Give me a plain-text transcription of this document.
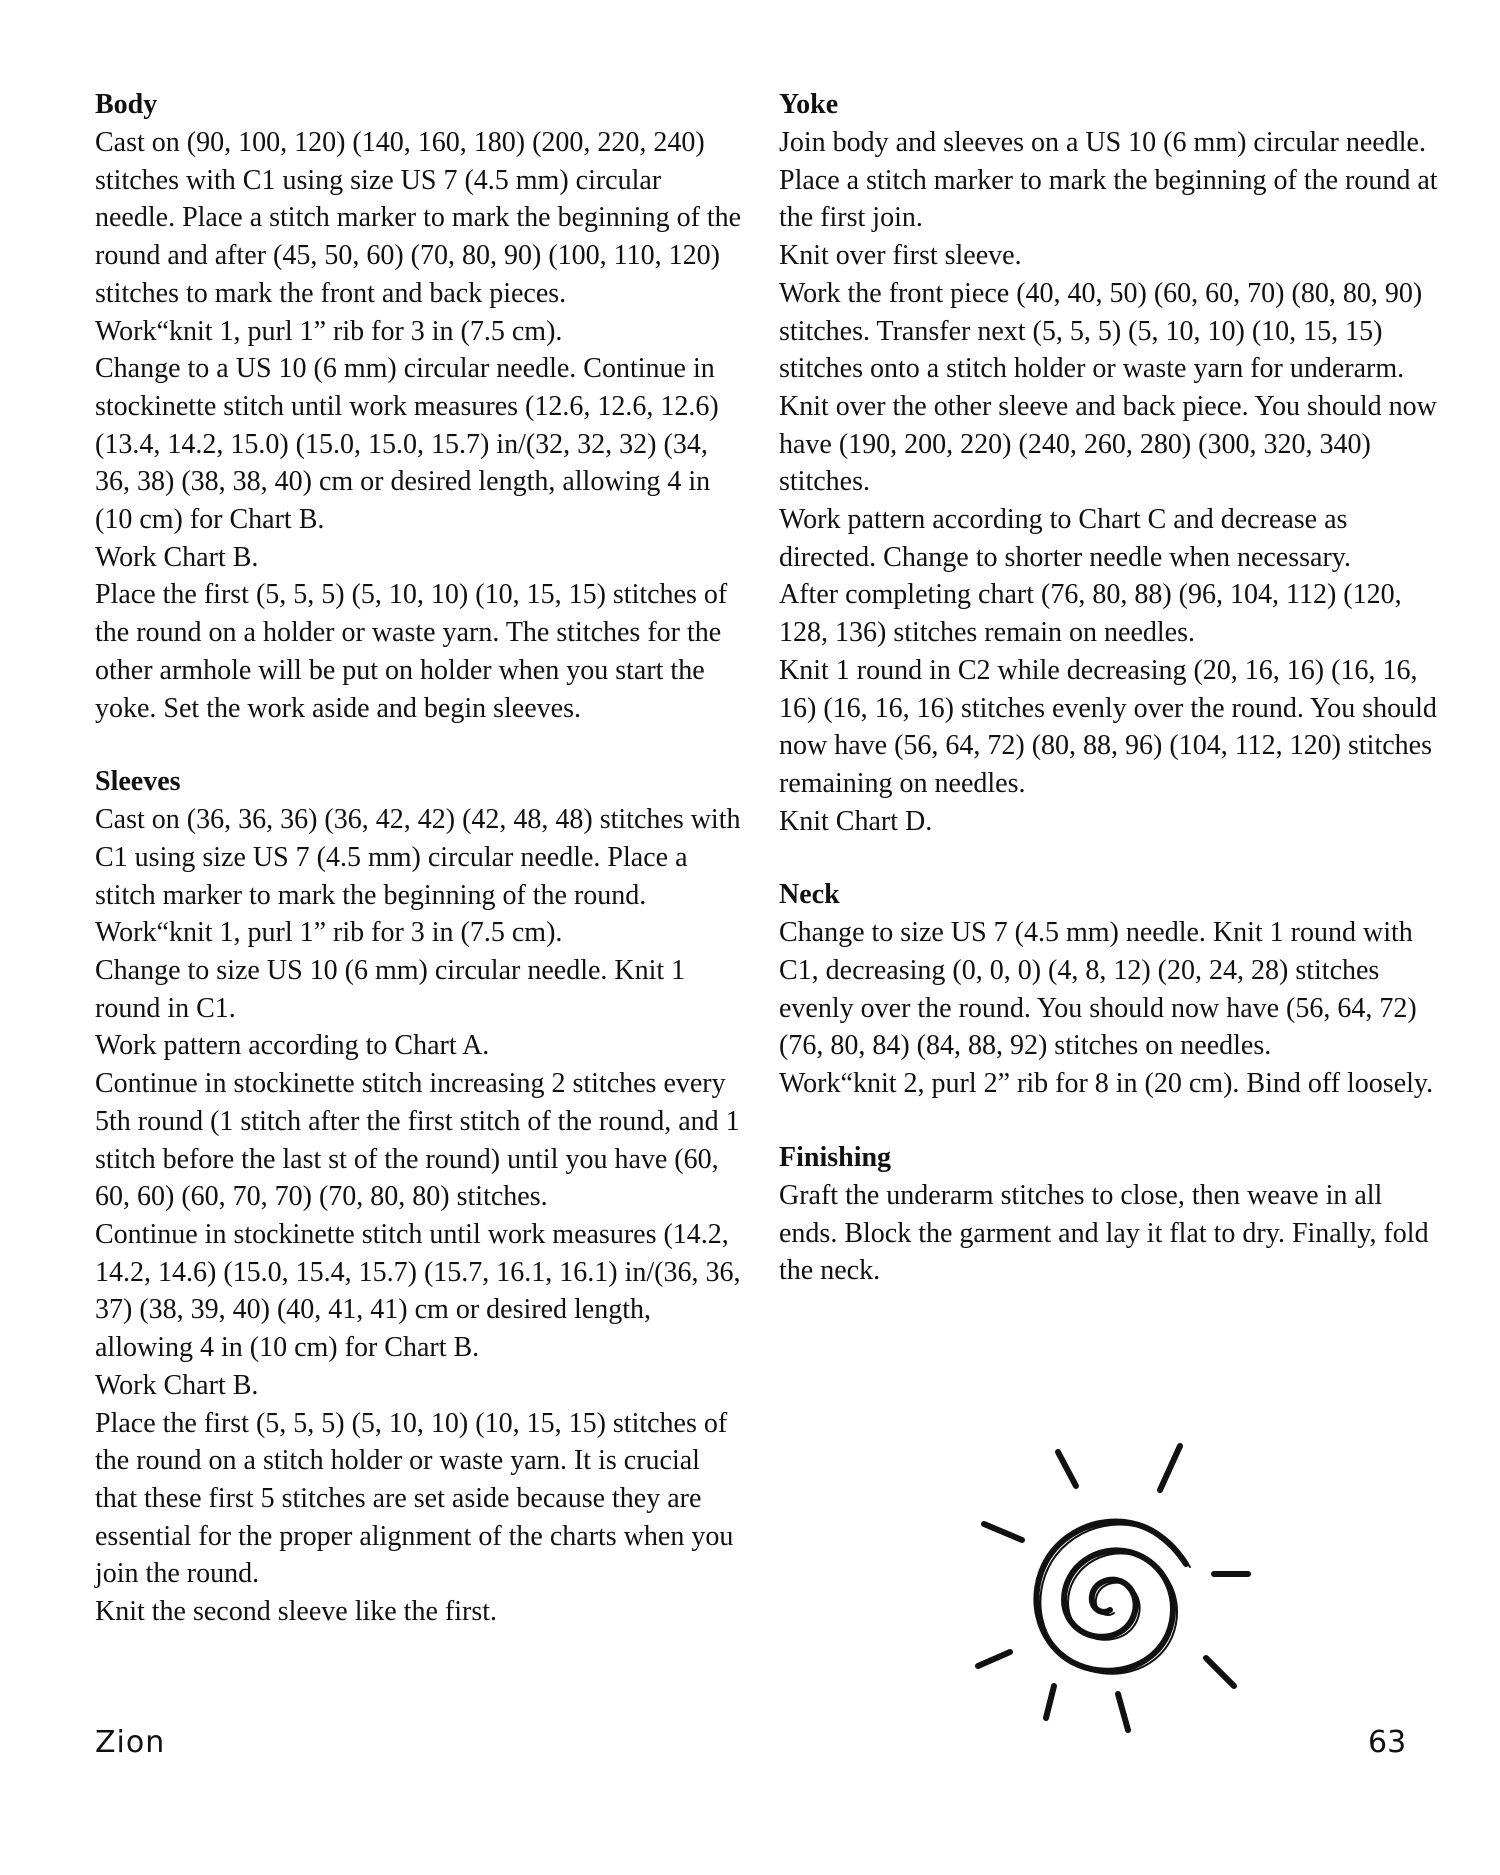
Body

Cast on (90, 100, 120) (140, 160, 180) (200, 220, 240) stitches with C1 using size US 7 (4.5 mm) circular needle. Place a stitch marker to mark the beginning of the round and after (45, 50, 60) (70, 80, 90) (100, 110, 120) stitches to mark the front and back pieces.

Work“knit 1, purl 1” rib for 3 in (7.5 cm).

Change to a US 10 (6 mm) circular needle. Continue in stockinette stitch until work measures (12.6, 12.6, 12.6) (13.4, 14.2, 15.0) (15.0, 15.0, 15.7) in/(32, 32, 32) (34, 36, 38) (38, 38, 40) cm or desired length, allowing 4 in (10 cm) for Chart B.

Work Chart B.

Place the first (5, 5, 5) (5, 10, 10) (10, 15, 15) stitches of the round on a holder or waste yarn. The stitches for the other armhole will be put on holder when you start the yoke. Set the work aside and begin sleeves.

Sleeves

Cast on (36, 36, 36) (36, 42, 42) (42, 48, 48) stitches with C1 using size US 7 (4.5 mm) circular needle. Place a stitch marker to mark the beginning of the round.

Work“knit 1, purl 1” rib for 3 in (7.5 cm).

Change to size US 10 (6 mm) circular needle. Knit 1 round in C1.

Work pattern according to Chart A.

Continue in stockinette stitch increasing 2 stitches every 5th round (1 stitch after the first stitch of the round, and 1 stitch before the last st of the round) until you have (60, 60, 60) (60, 70, 70) (70, 80, 80) stitches.

Continue in stockinette stitch until work measures (14.2, 14.2, 14.6) (15.0, 15.4, 15.7) (15.7, 16.1, 16.1) in/(36, 36, 37) (38, 39, 40) (40, 41, 41) cm or desired length, allowing 4 in (10 cm) for Chart B.

Work Chart B.

Place the first (5, 5, 5) (5, 10, 10) (10, 15, 15) stitches of the round on a stitch holder or waste yarn. It is crucial that these first 5 stitches are set aside because they are essential for the proper alignment of the charts when you join the round.

Knit the second sleeve like the first.

Yoke

Join body and sleeves on a US 10 (6 mm) circular needle. Place a stitch marker to mark the beginning of the round at the first join.

Knit over first sleeve.

Work the front piece (40, 40, 50) (60, 60, 70) (80, 80, 90) stitches. Transfer next (5, 5, 5) (5, 10, 10) (10, 15, 15) stitches onto a stitch holder or waste yarn for underarm. Knit over the other sleeve and back piece. You should now have (190, 200, 220) (240, 260, 280) (300, 320, 340) stitches.

Work pattern according to Chart C and decrease as directed. Change to shorter needle when necessary.

After completing chart (76, 80, 88) (96, 104, 112) (120, 128, 136) stitches remain on needles.

Knit 1 round in C2 while decreasing (20, 16, 16) (16, 16, 16) (16, 16, 16) stitches evenly over the round. You should now have (56, 64, 72) (80, 88, 96) (104, 112, 120) stitches remaining on needles.

Knit Chart D.

Neck

Change to size US 7 (4.5 mm) needle. Knit 1 round with C1, decreasing (0, 0, 0) (4, 8, 12) (20, 24, 28) stitches evenly over the round. You should now have (56, 64, 72) (76, 80, 84) (84, 88, 92) stitches on needles.

Work“knit 2, purl 2” rib for 8 in (20 cm). Bind off loosely.

Finishing

Graft the underarm stitches to close, then weave in all ends. Block the garment and lay it flat to dry. Finally, fold the neck.

Zion	63
